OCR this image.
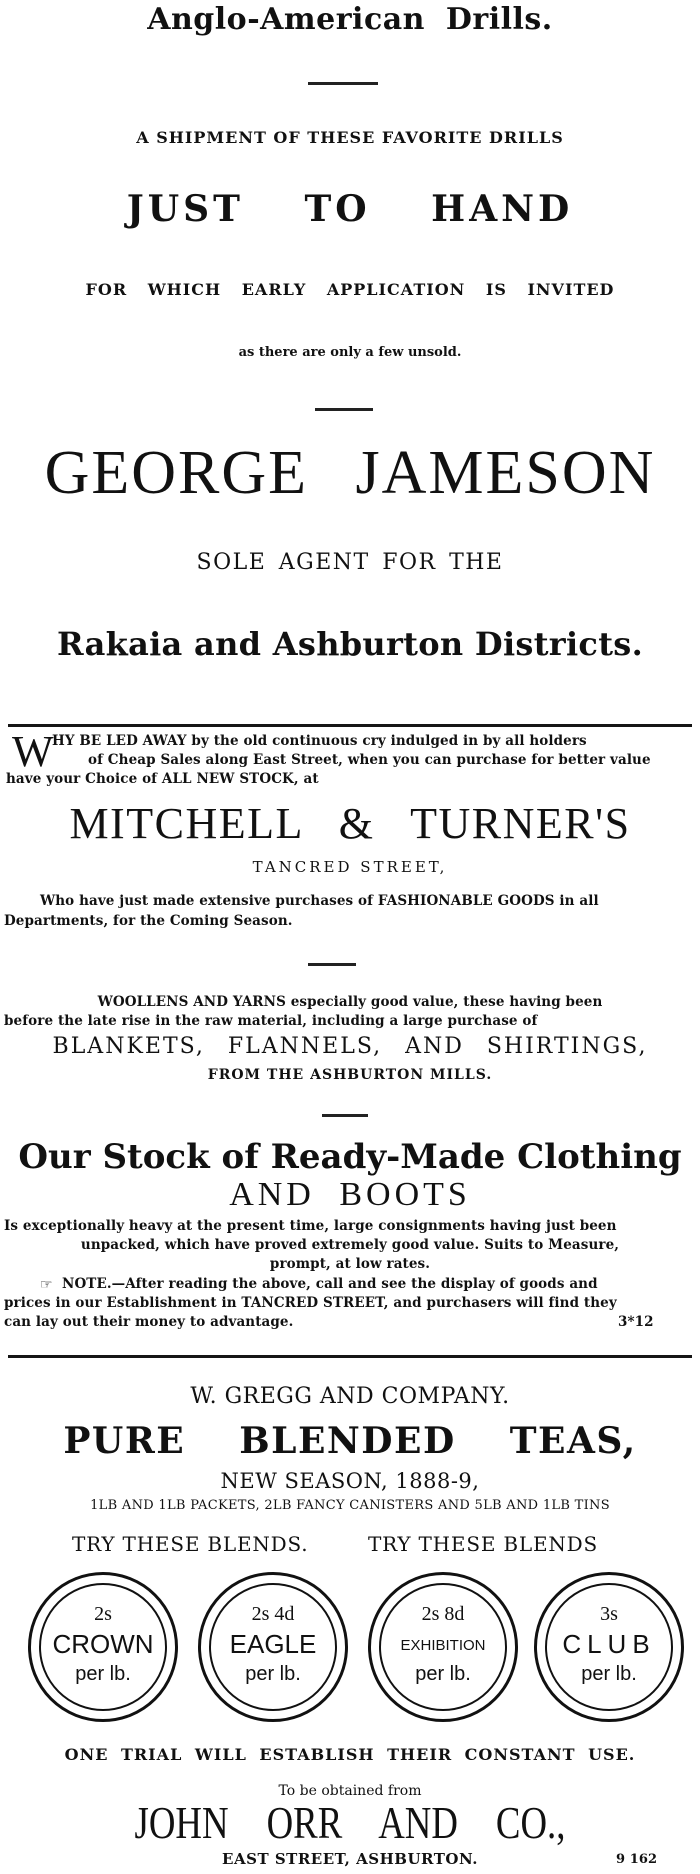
Anglo-American Drills.
A SHIPMENT OF THESE FAVORITE DRILLS
JUST TO HAND
FOR WHICH EARLY APPLICATION IS INVITED
as there are only a few unsold.
GEORGE JAMESON
SOLE AGENT FOR THE
Rakaia and Ashburton Districts.
W
HY BE LED AWAY by the old continuous cry indulged in by all holders
of Cheap Sales along East Street, when you can purchase for better value
have your Choice of ALL NEW STOCK, at
MITCHELL & TURNER'S
TANCRED STREET,
Who have just made extensive purchases of FASHIONABLE GOODS in all
Departments, for the Coming Season.
WOOLLENS AND YARNS especially good value, these having been
before the late rise in the raw material, including a large purchase of
BLANKETS, FLANNELS, AND SHIRTINGS,
FROM THE ASHBURTON MILLS.
Our Stock of Ready-Made Clothing
AND BOOTS
Is exceptionally heavy at the present time, large consignments having just been
unpacked, which have proved extremely good value. Suits to Measure,
prompt, at low rates.
☞ NOTE.—After reading the above, call and see the display of goods and
prices in our Establishment in TANCRED STREET, and purchasers will find they
can lay out their money to advantage.	3*12
W. GREGG AND COMPANY.
PURE BLENDED TEAS,
NEW SEASON, 1888-9,
1LB AND 1LB PACKETS, 2LB FANCY CANISTERS AND 5LB AND 1LB TINS
TRY THESE BLENDS.	TRY THESE BLENDS
2s
CROWN
per lb.
2s 4d
EAGLE
per lb.
2s 8d
EXHIBITION
per lb.
3s
CLUB
per lb.
ONE TRIAL WILL ESTABLISH THEIR CONSTANT USE.
To be obtained from
JOHN ORR AND CO.,
EAST STREET, ASHBURTON.	9 162
